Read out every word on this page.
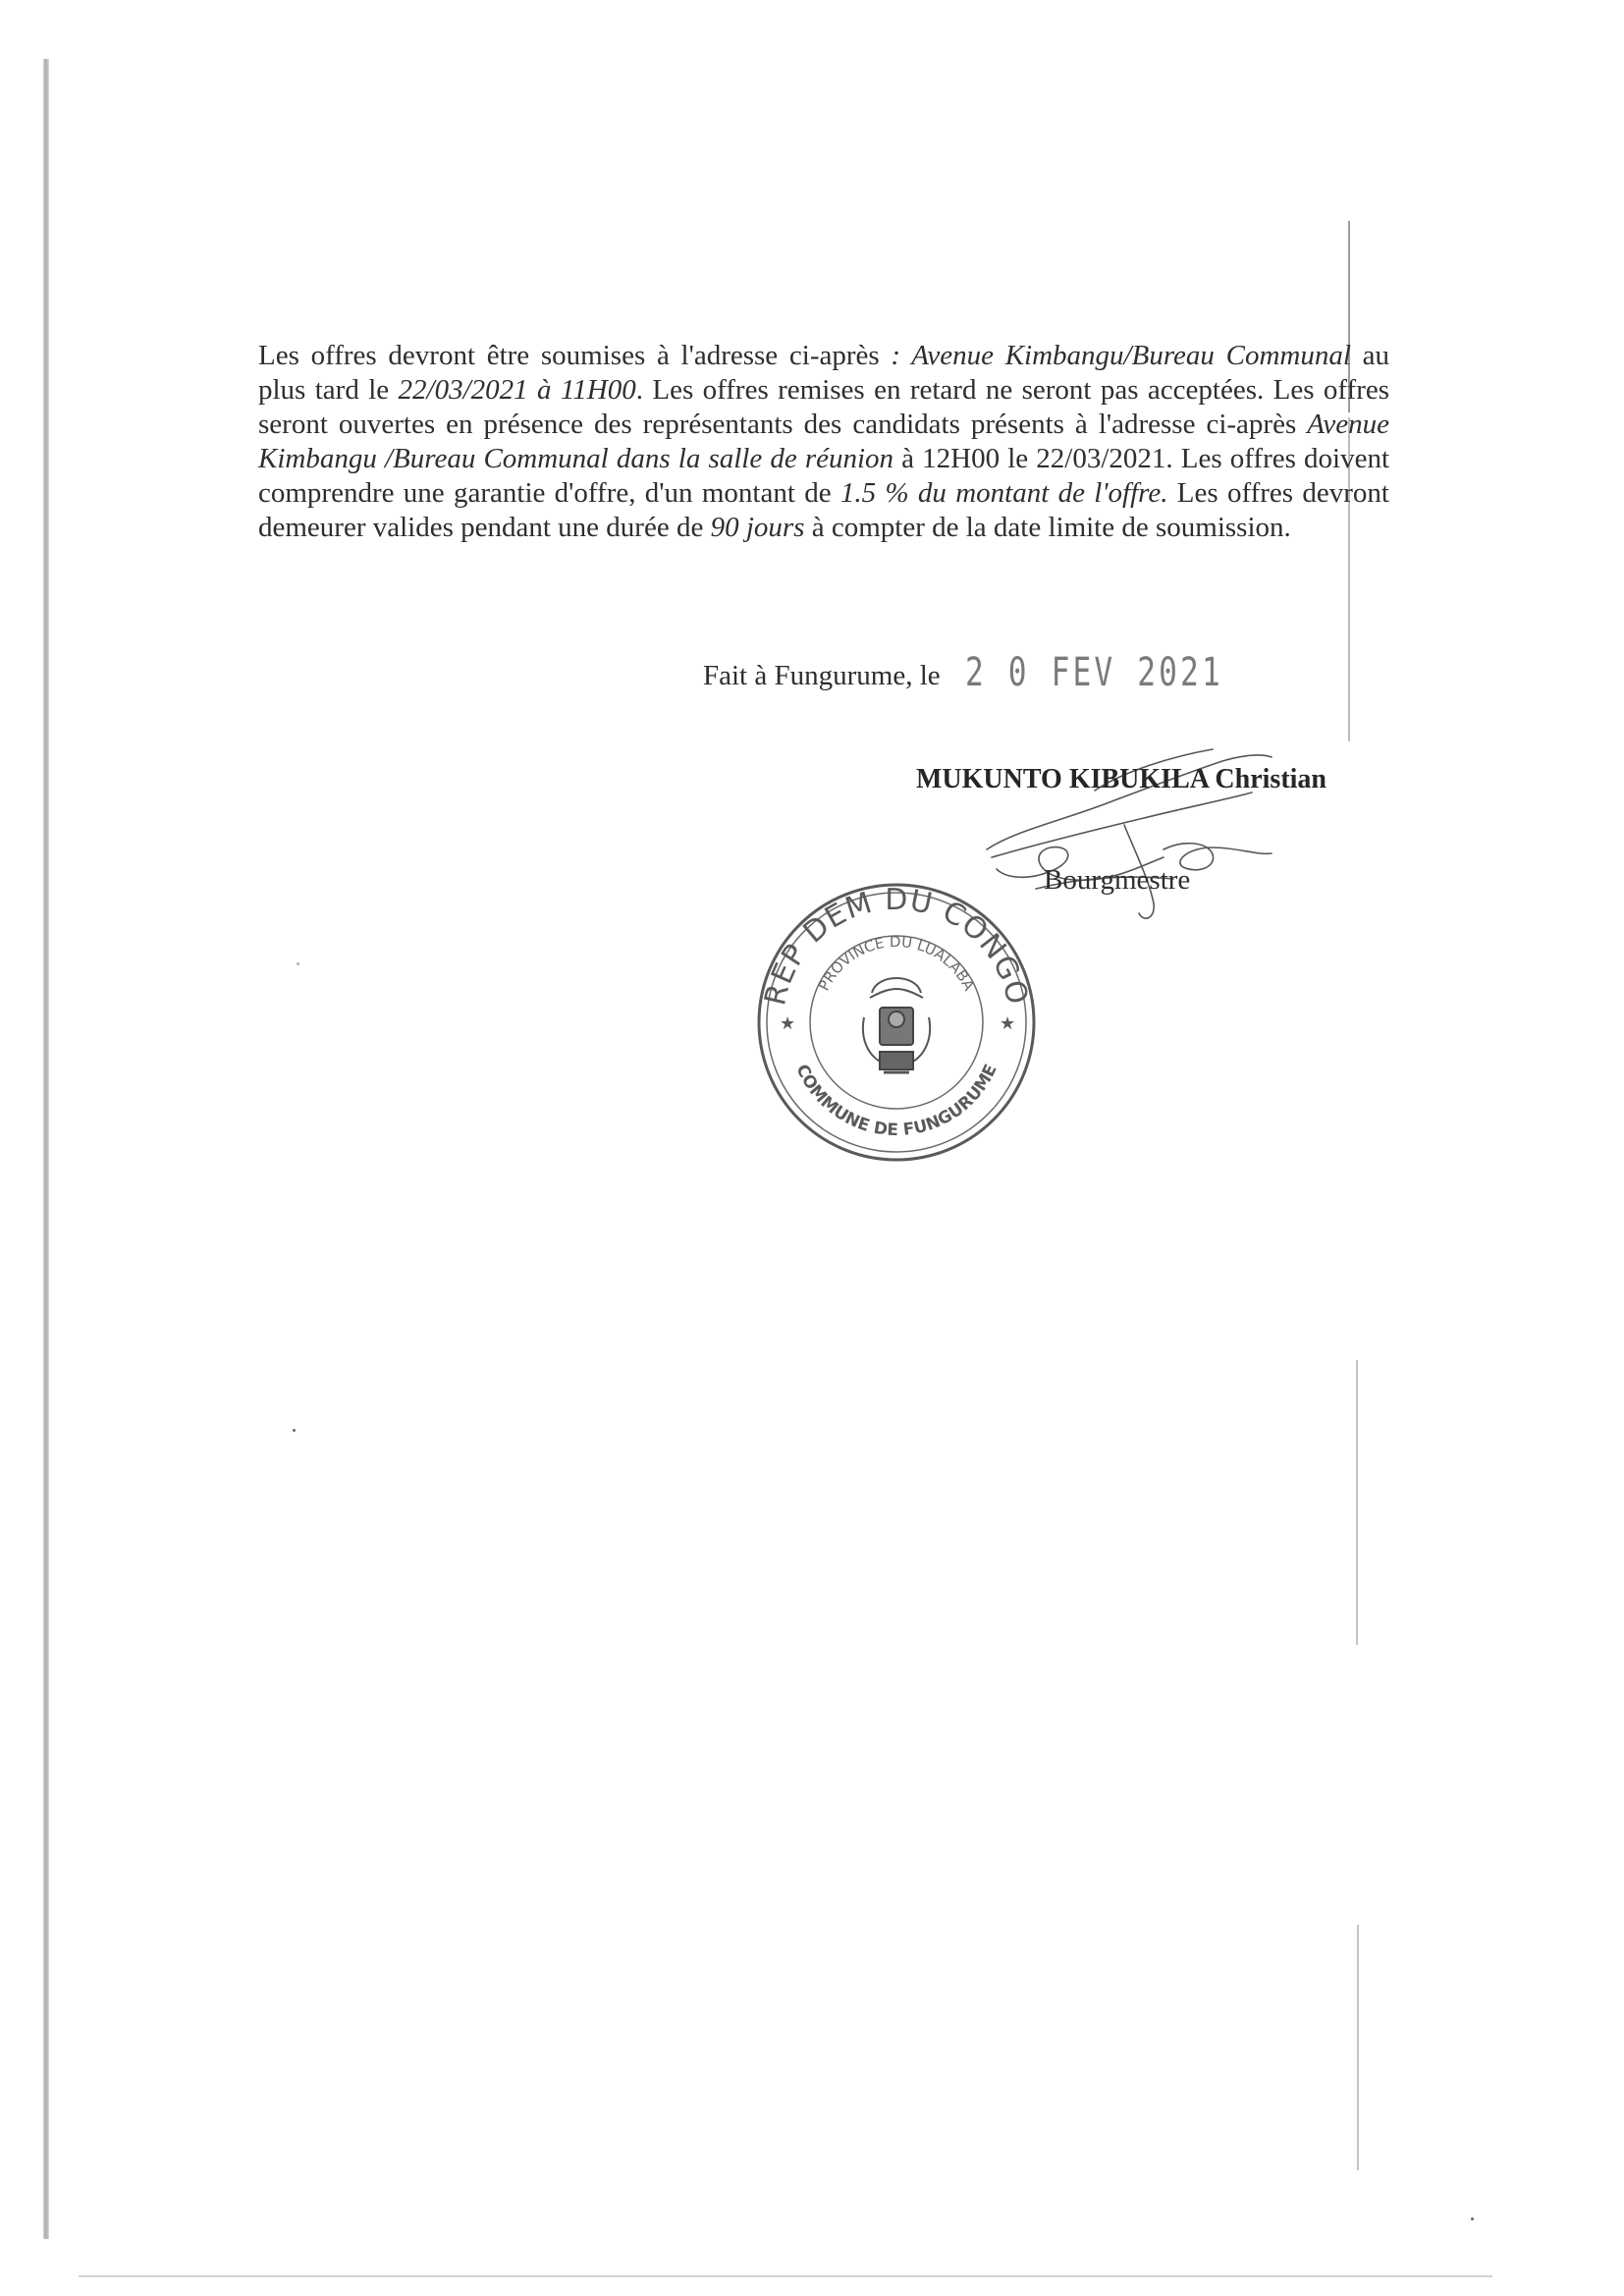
Les offres devront être soumises à l'adresse ci-après : Avenue Kimbangu/Bureau Communal au plus tard le 22/03/2021 à 11H00. Les offres remises en retard ne seront pas acceptées. Les offres seront ouvertes en présence des représentants des candidats présents à l'adresse ci-après Avenue Kimbangu /Bureau Communal dans la salle de réunion à 12H00 le 22/03/2021. Les offres doivent comprendre une garantie d'offre, d'un montant de 1.5 % du montant de l'offre. Les offres devront demeurer valides pendant une durée de 90 jours à compter de la date limite de soumission.

Fait à Fungurume, le 2 0 FEV 2021
MUKUNTO KIBUKILA Christian
Bourgmestre
REP DEM DU CONGO
PROVINCE DU LUALABA
COMMUNE DE FUNGURUME
★	★
